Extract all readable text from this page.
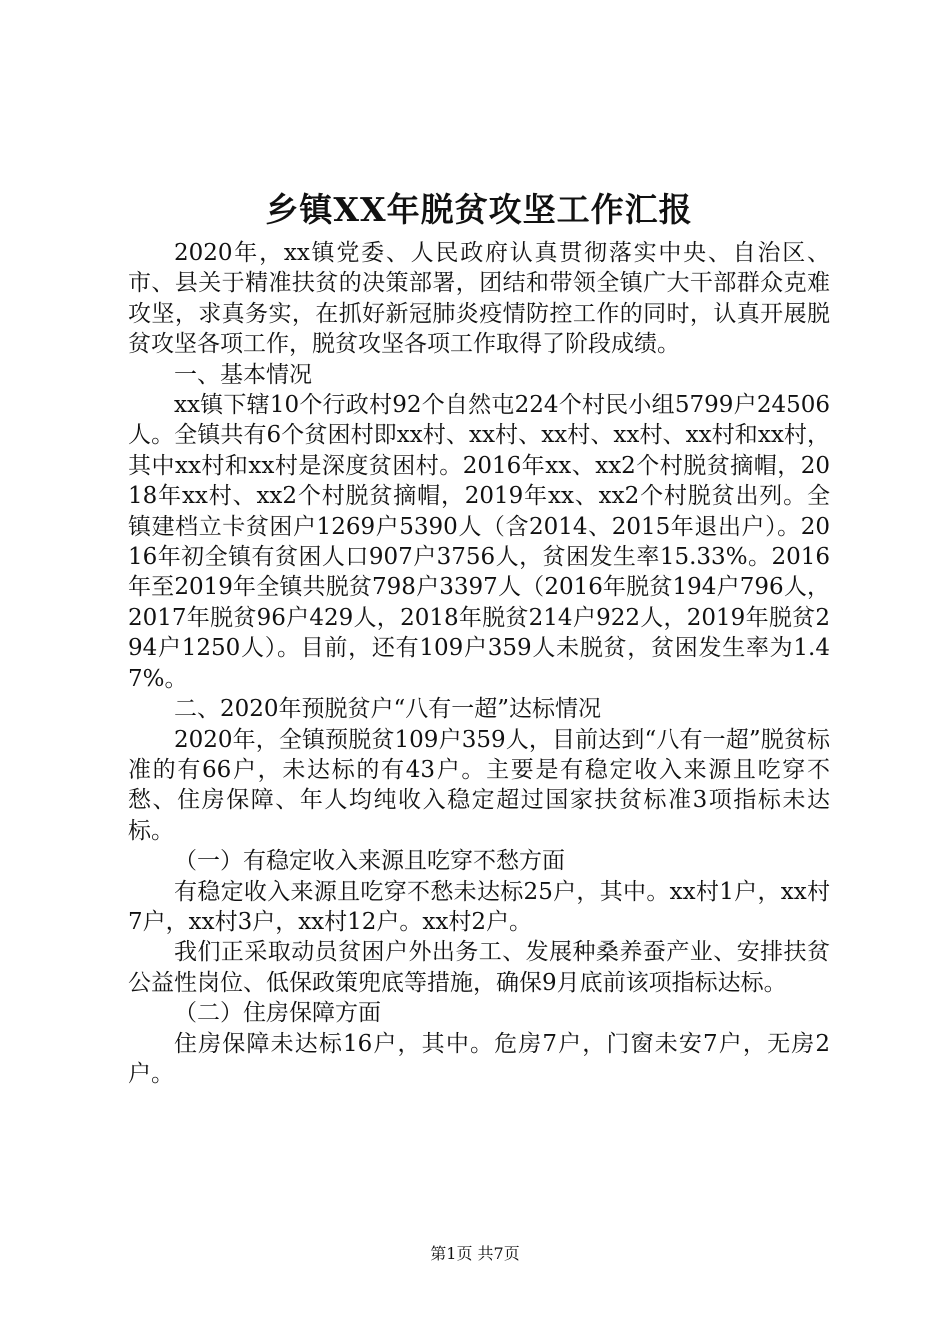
乡镇XX年脱贫攻坚工作汇报

2020年，xx镇党委、人民政府认真贯彻落实中央、自治区、市、县关于精准扶贫的决策部署，团结和带领全镇广大干部群众克难攻坚，求真务实，在抓好新冠肺炎疫情防控工作的同时，认真开展脱贫攻坚各项工作，脱贫攻坚各项工作取得了阶段成绩。

一、基本情况

xx镇下辖10个行政村92个自然屯224个村民小组5799户24506人。全镇共有6个贫困村即xx村、xx村、xx村、xx村、xx村和xx村，其中xx村和xx村是深度贫困村。2016年xx、xx2个村脱贫摘帽，2018年xx村、xx2个村脱贫摘帽，2019年xx、xx2个村脱贫出列。全镇建档立卡贫困户1269户5390人（含2014、2015年退出户）。2016年初全镇有贫困人口907户3756人，贫困发生率15.33%。2016年至2019年全镇共脱贫798户3397人（2016年脱贫194户796人，2017年脱贫96户429人，2018年脱贫214户922人，2019年脱贫294户1250人）。目前，还有109户359人未脱贫，贫困发生率为1.47%。

二、2020年预脱贫户“八有一超”达标情况

2020年，全镇预脱贫109户359人，目前达到“八有一超”脱贫标准的有66户，未达标的有43户。主要是有稳定收入来源且吃穿不愁、住房保障、年人均纯收入稳定超过国家扶贫标准3项指标未达标。

（一）有稳定收入来源且吃穿不愁方面

有稳定收入来源且吃穿不愁未达标25户，其中。xx村1户，xx村7户，xx村3户，xx村12户。xx村2户。

我们正采取动员贫困户外出务工、发展种桑养蚕产业、安排扶贫公益性岗位、低保政策兜底等措施，确保9月底前该项指标达标。

（二）住房保障方面

住房保障未达标16户，其中。危房7户，门窗未安7户，无房2户。

第1页 共7页
